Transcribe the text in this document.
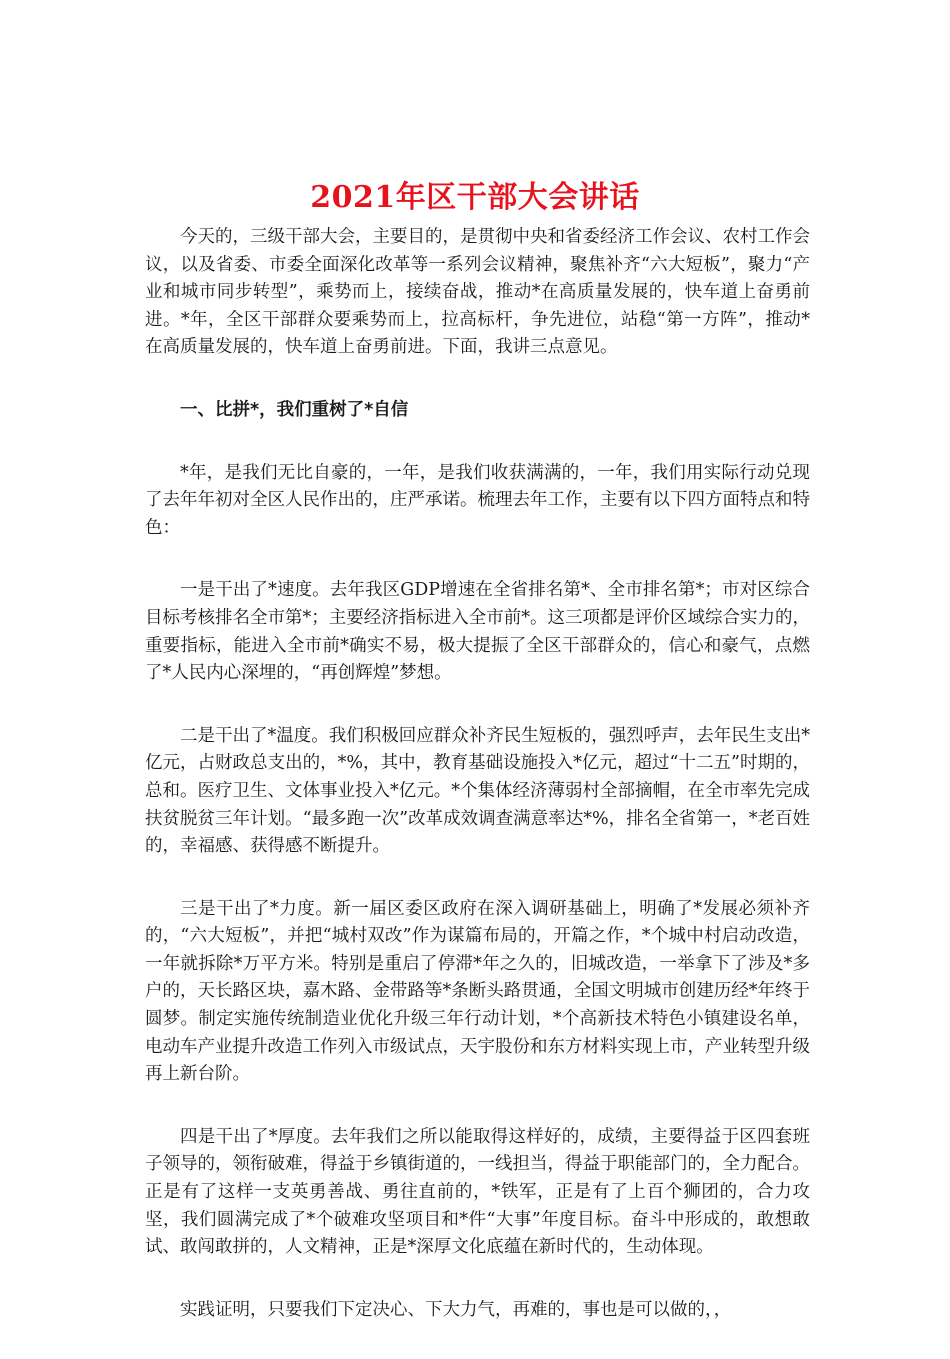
2021年区干部大会讲话

今天的，三级干部大会，主要目的，是贯彻中央和省委经济工作会议、农村工作会议，以及省委、市委全面深化改革等一系列会议精神，聚焦补齐“六大短板”，聚力“产业和城市同步转型”，乘势而上，接续奋战，推动*在高质量发展的，快车道上奋勇前进。*年，全区干部群众要乘势而上，拉高标杆，争先进位，站稳“第一方阵”，推动*在高质量发展的，快车道上奋勇前进。下面，我讲三点意见。

一、比拼*，我们重树了*自信

*年，是我们无比自豪的，一年，是我们收获满满的，一年，我们用实际行动兑现了去年年初对全区人民作出的，庄严承诺。梳理去年工作，主要有以下四方面特点和特色：

一是干出了*速度。去年我区GDP增速在全省排名第*、全市排名第*；市对区综合目标考核排名全市第*；主要经济指标进入全市前*。这三项都是评价区域综合实力的，重要指标，能进入全市前*确实不易，极大提振了全区干部群众的，信心和豪气，点燃了*人民内心深埋的，“再创辉煌”梦想。

二是干出了*温度。我们积极回应群众补齐民生短板的，强烈呼声，去年民生支出*亿元，占财政总支出的，*%，其中，教育基础设施投入*亿元，超过“十二五”时期的，总和。医疗卫生、文体事业投入*亿元。*个集体经济薄弱村全部摘帽，在全市率先完成扶贫脱贫三年计划。“最多跑一次”改革成效调查满意率达*%，排名全省第一，*老百姓的，幸福感、获得感不断提升。

三是干出了*力度。新一届区委区政府在深入调研基础上，明确了*发展必须补齐的，“六大短板”，并把“城村双改”作为谋篇布局的，开篇之作，*个城中村启动改造，一年就拆除*万平方米。特别是重启了停滞*年之久的，旧城改造，一举拿下了涉及*多户的，天长路区块，嘉木路、金带路等*条断头路贯通，全国文明城市创建历经*年终于圆梦。制定实施传统制造业优化升级三年行动计划，*个高新技术特色小镇建设名单，电动车产业提升改造工作列入市级试点，天宇股份和东方材料实现上市，产业转型升级再上新台阶。

四是干出了*厚度。去年我们之所以能取得这样好的，成绩，主要得益于区四套班子领导的，领衔破难，得益于乡镇街道的，一线担当，得益于职能部门的，全力配合。正是有了这样一支英勇善战、勇往直前的，*铁军，正是有了上百个狮团的，合力攻坚，我们圆满完成了*个破难攻坚项目和*件“大事”年度目标。奋斗中形成的，敢想敢试、敢闯敢拼的，人文精神，正是*深厚文化底蕴在新时代的，生动体现。

实践证明，只要我们下定决心、下大力气，再难的，事也是可以做的，，
